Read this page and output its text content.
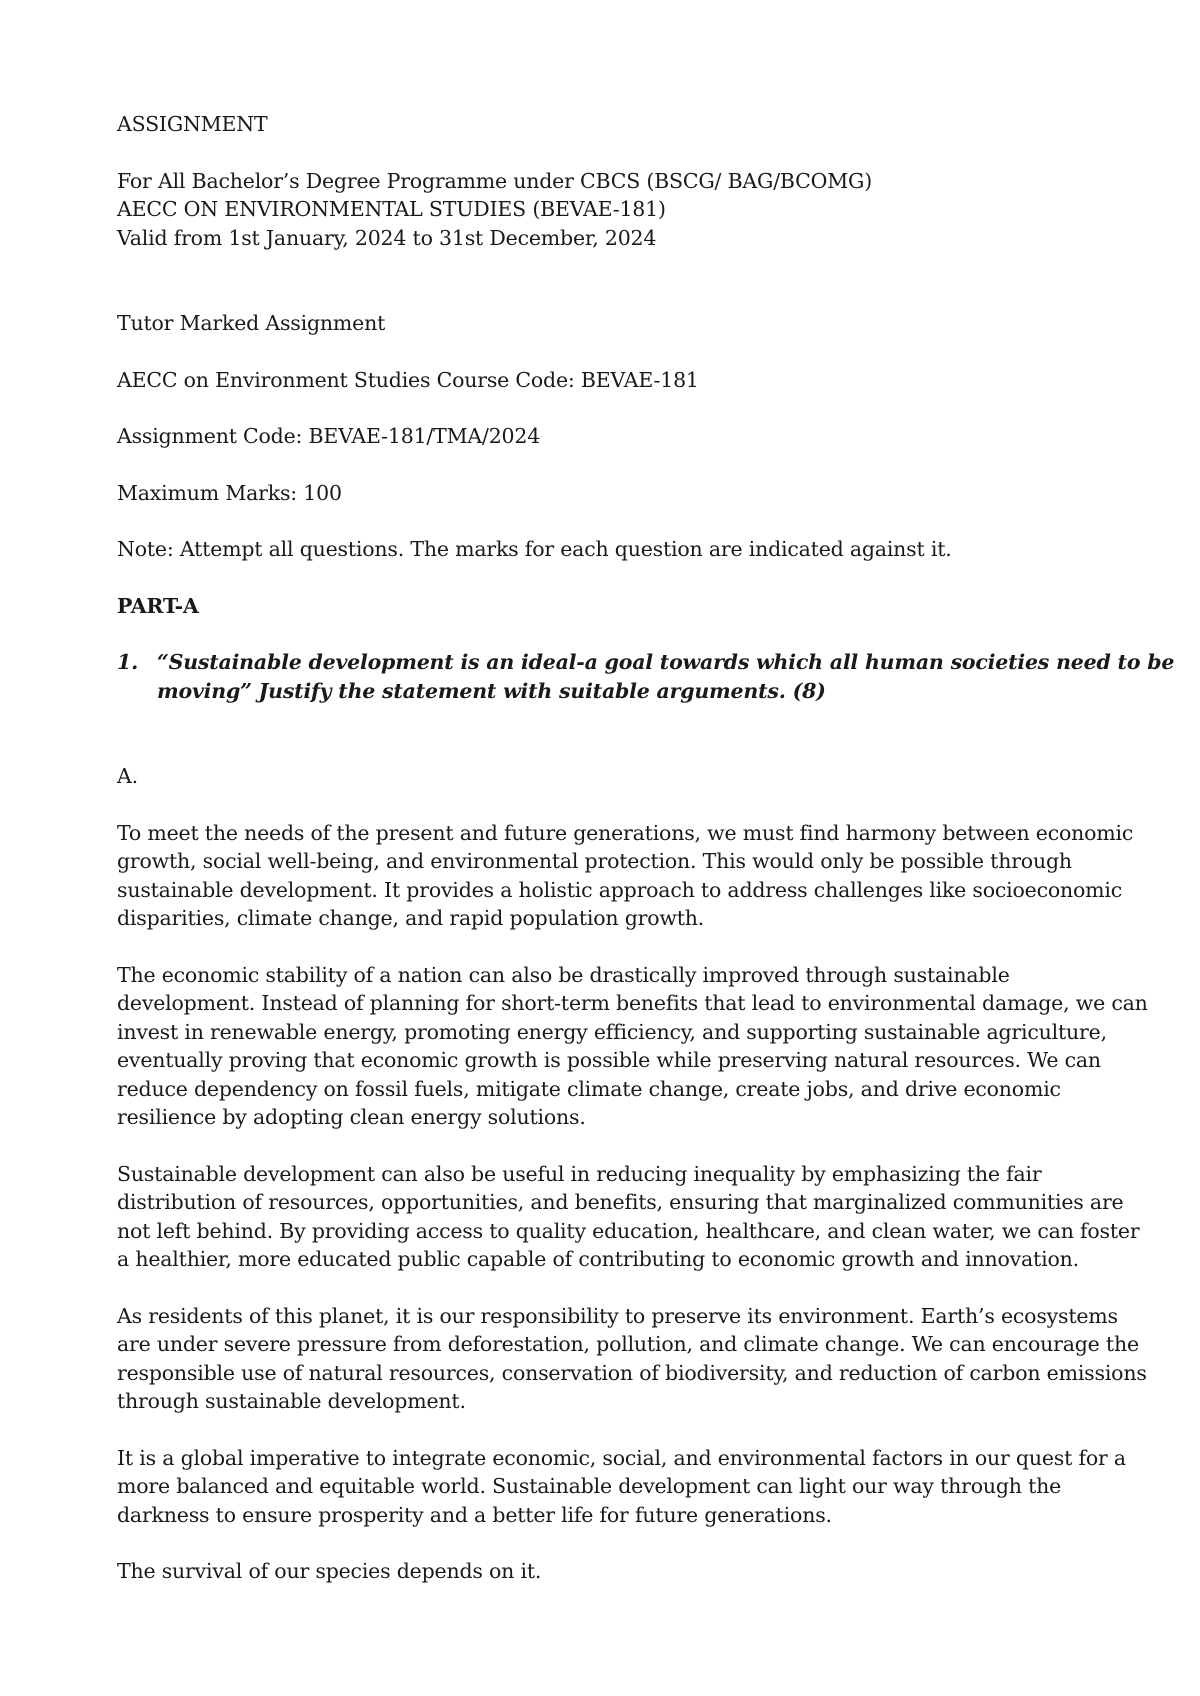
ASSIGNMENT
For All Bachelor’s Degree Programme under CBCS (BSCG/ BAG/BCOMG)
AECC ON ENVIRONMENTAL STUDIES (BEVAE-181)
Valid from 1st January, 2024 to 31st December, 2024
Tutor Marked Assignment
AECC on Environment Studies Course Code: BEVAE-181
Assignment Code: BEVAE-181/TMA/2024
Maximum Marks: 100
Note: Attempt all questions. The marks for each question are indicated against it.
PART-A
1. “Sustainable development is an ideal-a goal towards which all human societies need to be
moving” Justify the statement with suitable arguments. (8)
A.
To meet the needs of the present and future generations, we must find harmony between economic
growth, social well-being, and environmental protection. This would only be possible through
sustainable development. It provides a holistic approach to address challenges like socioeconomic
disparities, climate change, and rapid population growth.
The economic stability of a nation can also be drastically improved through sustainable
development. Instead of planning for short-term benefits that lead to environmental damage, we can
invest in renewable energy, promoting energy efficiency, and supporting sustainable agriculture,
eventually proving that economic growth is possible while preserving natural resources. We can
reduce dependency on fossil fuels, mitigate climate change, create jobs, and drive economic
resilience by adopting clean energy solutions.
Sustainable development can also be useful in reducing inequality by emphasizing the fair
distribution of resources, opportunities, and benefits, ensuring that marginalized communities are
not left behind. By providing access to quality education, healthcare, and clean water, we can foster
a healthier, more educated public capable of contributing to economic growth and innovation.
As residents of this planet, it is our responsibility to preserve its environment. Earth’s ecosystems
are under severe pressure from deforestation, pollution, and climate change. We can encourage the
responsible use of natural resources, conservation of biodiversity, and reduction of carbon emissions
through sustainable development.
It is a global imperative to integrate economic, social, and environmental factors in our quest for a
more balanced and equitable world. Sustainable development can light our way through the
darkness to ensure prosperity and a better life for future generations.
The survival of our species depends on it.
